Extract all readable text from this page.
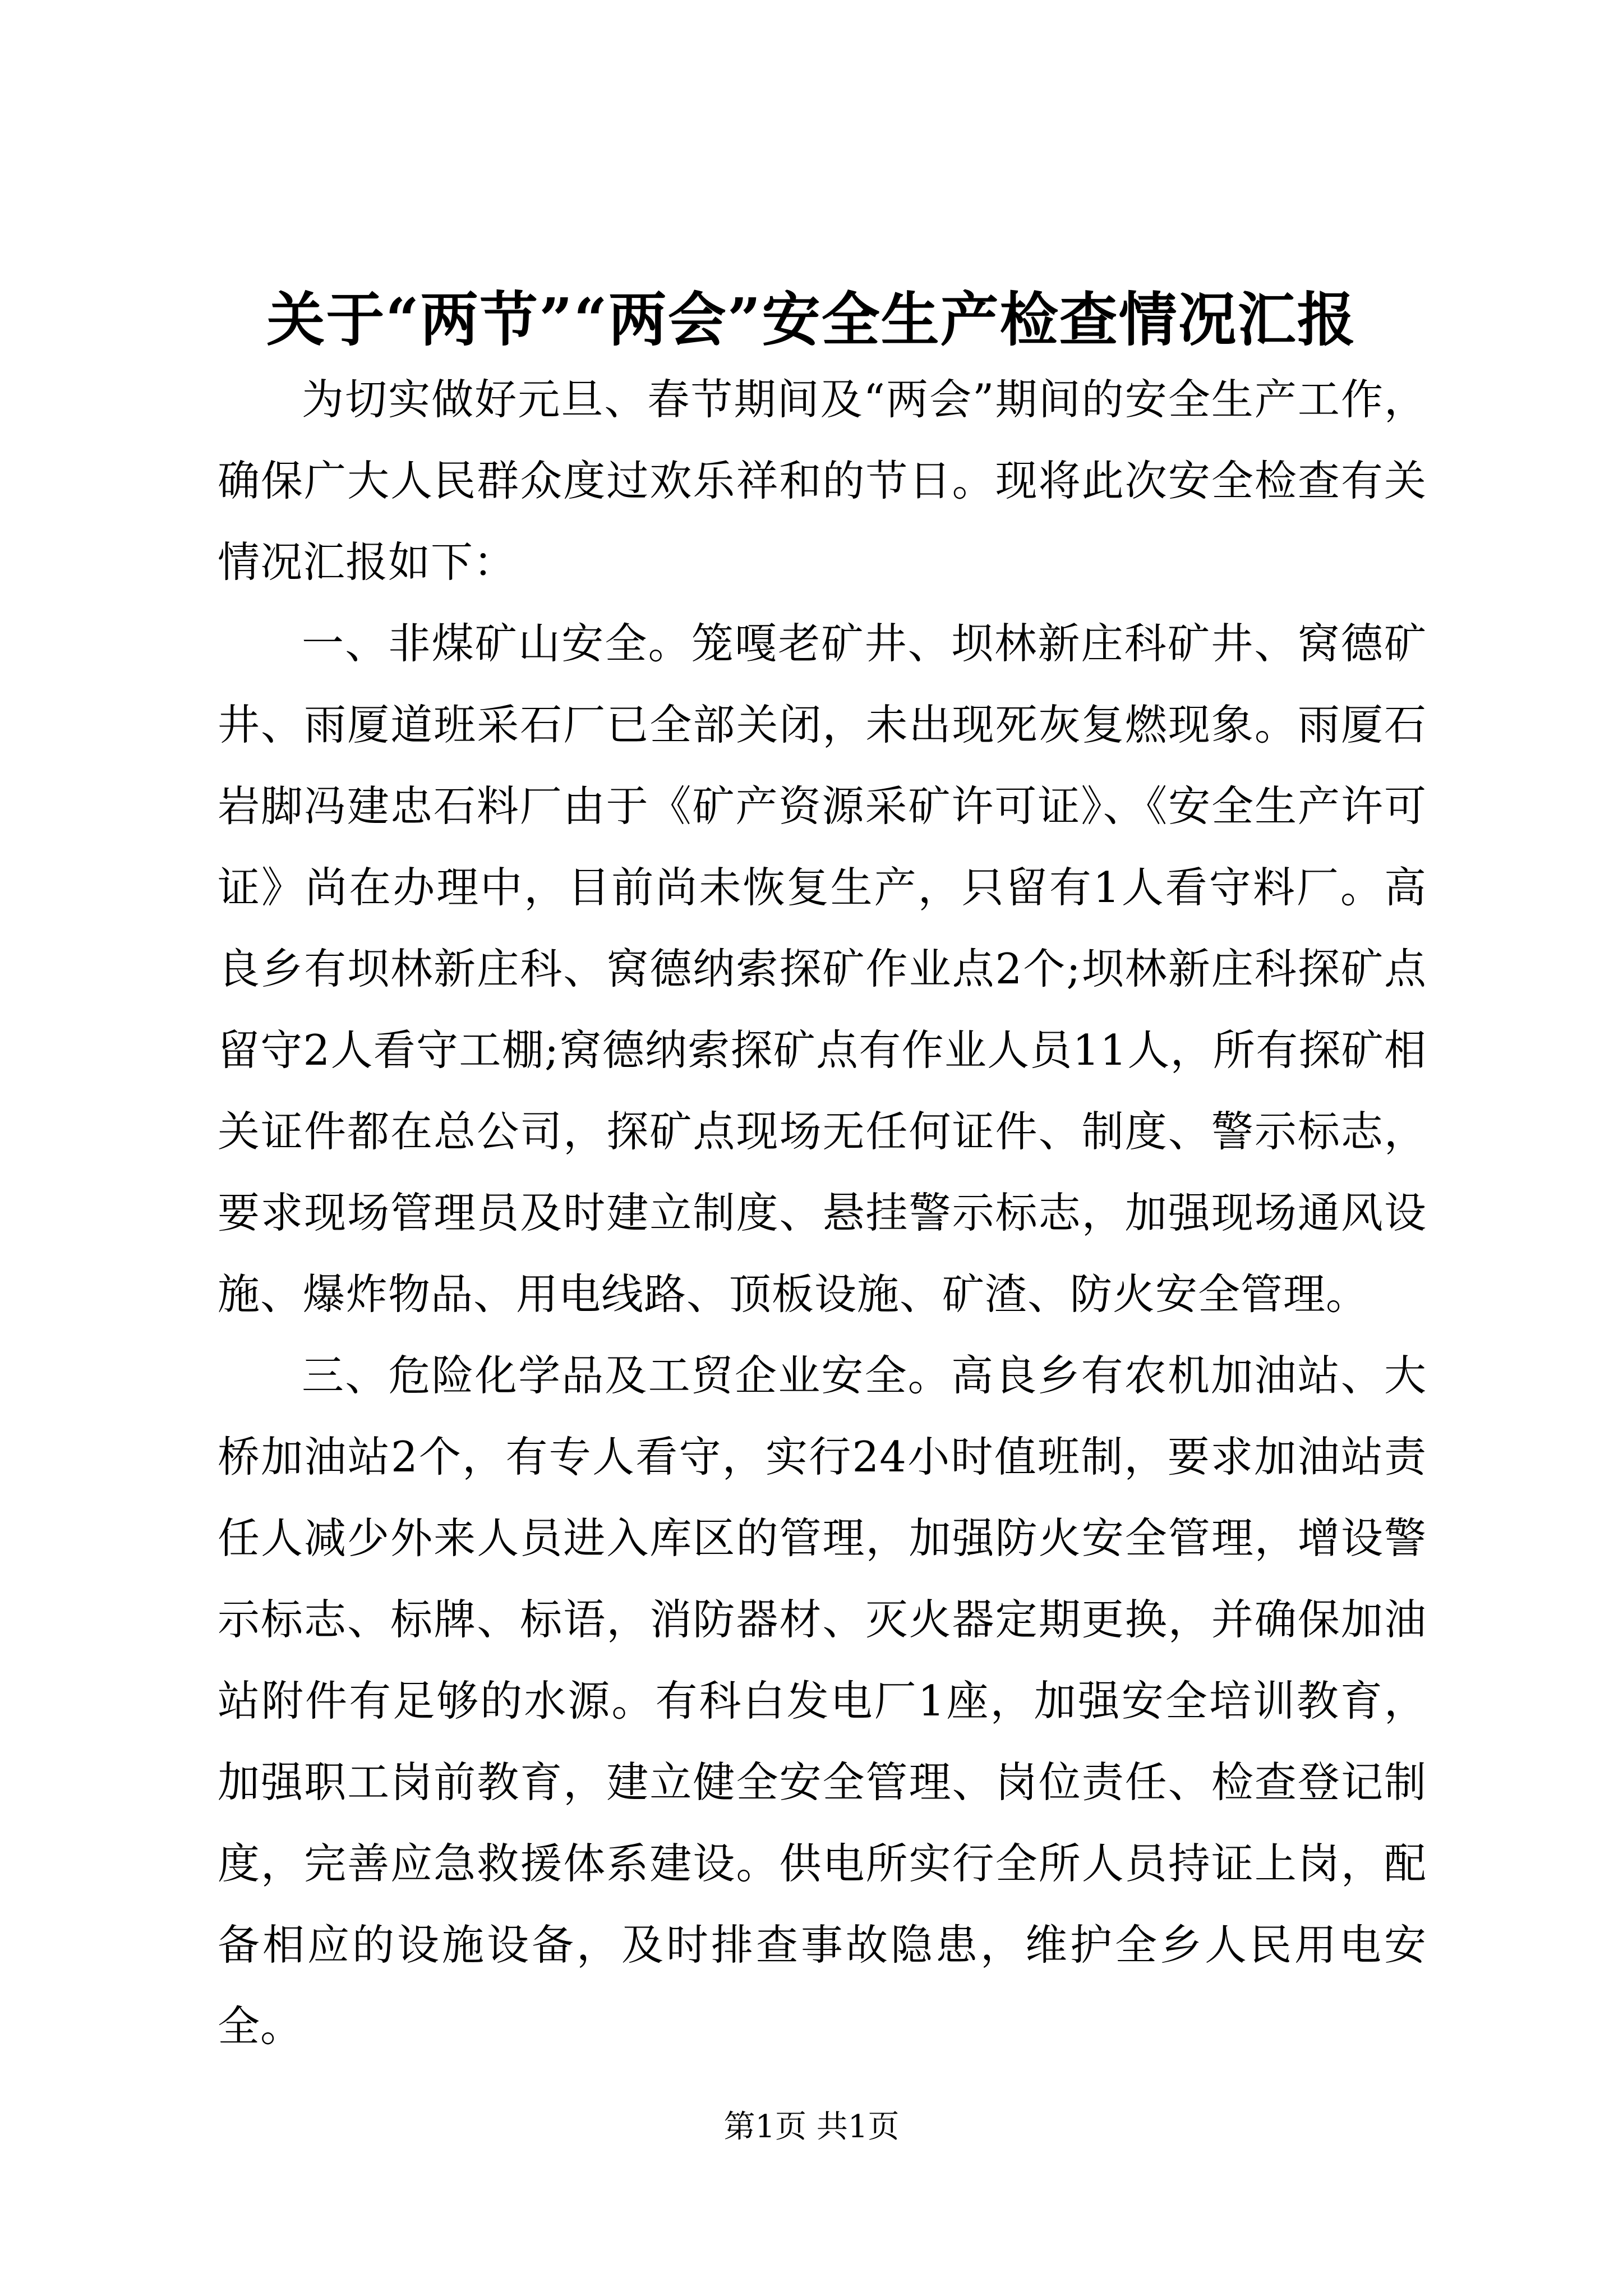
关于“两节”“两会”安全生产检查情况汇报

为切实做好元旦、春节期间及“两会”期间的安全生产工作，确保广大人民群众度过欢乐祥和的节日。现将此次安全检查有关情况汇报如下：

一、非煤矿山安全。笼嘎老矿井、坝林新庄科矿井、窝德矿井、雨厦道班采石厂已全部关闭，未出现死灰复燃现象。雨厦石岩脚冯建忠石料厂由于《矿产资源采矿许可证》、《安全生产许可证》尚在办理中，目前尚未恢复生产，只留有1人看守料厂。高良乡有坝林新庄科、窝德纳索探矿作业点2个;坝林新庄科探矿点留守2人看守工棚;窝德纳索探矿点有作业人员11人，所有探矿相关证件都在总公司，探矿点现场无任何证件、制度、警示标志，要求现场管理员及时建立制度、悬挂警示标志，加强现场通风设施、爆炸物品、用电线路、顶板设施、矿渣、防火安全管理。

三、危险化学品及工贸企业安全。高良乡有农机加油站、大桥加油站2个，有专人看守，实行24小时值班制，要求加油站责任人减少外来人员进入库区的管理，加强防火安全管理，增设警示标志、标牌、标语，消防器材、灭火器定期更换，并确保加油站附件有足够的水源。有科白发电厂1座，加强安全培训教育，加强职工岗前教育，建立健全安全管理、岗位责任、检查登记制度，完善应急救援体系建设。供电所实行全所人员持证上岗，配备相应的设施设备，及时排查事故隐患，维护全乡人民用电安全。

第1页 共1页
